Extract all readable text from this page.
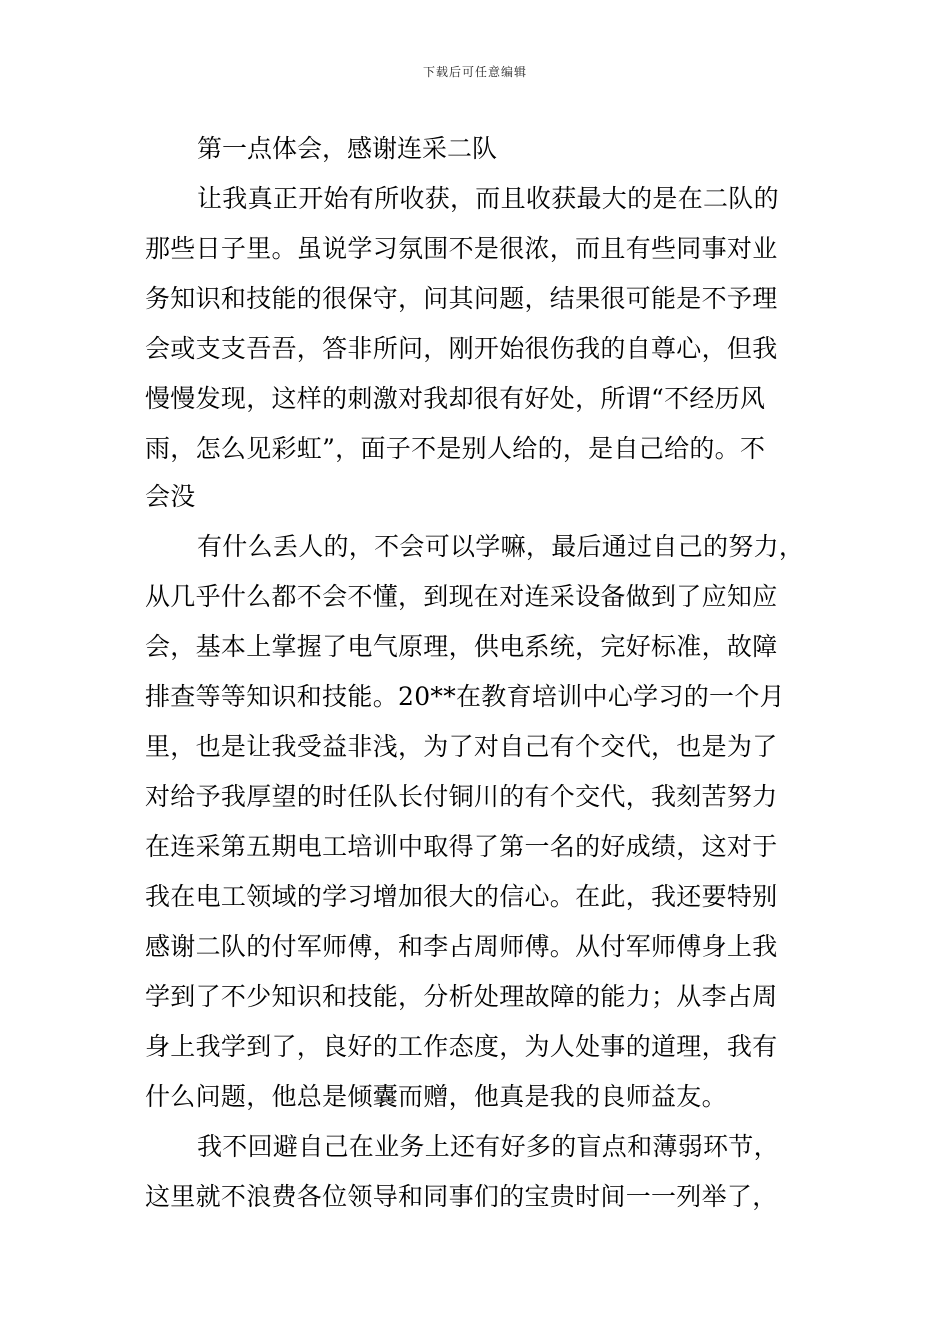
下载后可任意编辑
第一点体会，感谢连采二队
让我真正开始有所收获，而且收获最大的是在二队的
那些日子里。虽说学习氛围不是很浓，而且有些同事对业
务知识和技能的很保守，问其问题，结果很可能是不予理
会或支支吾吾，答非所问，刚开始很伤我的自尊心，但我
慢慢发现，这样的刺激对我却很有好处，所谓“不经历风
雨，怎么见彩虹”，面子不是别人给的，是自己给的。不
会没
有什么丢人的，不会可以学嘛，最后通过自己的努力，
从几乎什么都不会不懂，到现在对连采设备做到了应知应
会，基本上掌握了电气原理，供电系统，完好标准，故障
排查等等知识和技能。20**在教育培训中心学习的一个月
里，也是让我受益非浅，为了对自己有个交代，也是为了
对给予我厚望的时任队长付铜川的有个交代，我刻苦努力
在连采第五期电工培训中取得了第一名的好成绩，这对于
我在电工领域的学习增加很大的信心。在此，我还要特别
感谢二队的付军师傅，和李占周师傅。从付军师傅身上我
学到了不少知识和技能，分析处理故障的能力；从李占周
身上我学到了，良好的工作态度，为人处事的道理，我有
什么问题，他总是倾囊而赠，他真是我的良师益友。
我不回避自己在业务上还有好多的盲点和薄弱环节，
这里就不浪费各位领导和同事们的宝贵时间一一列举了，
